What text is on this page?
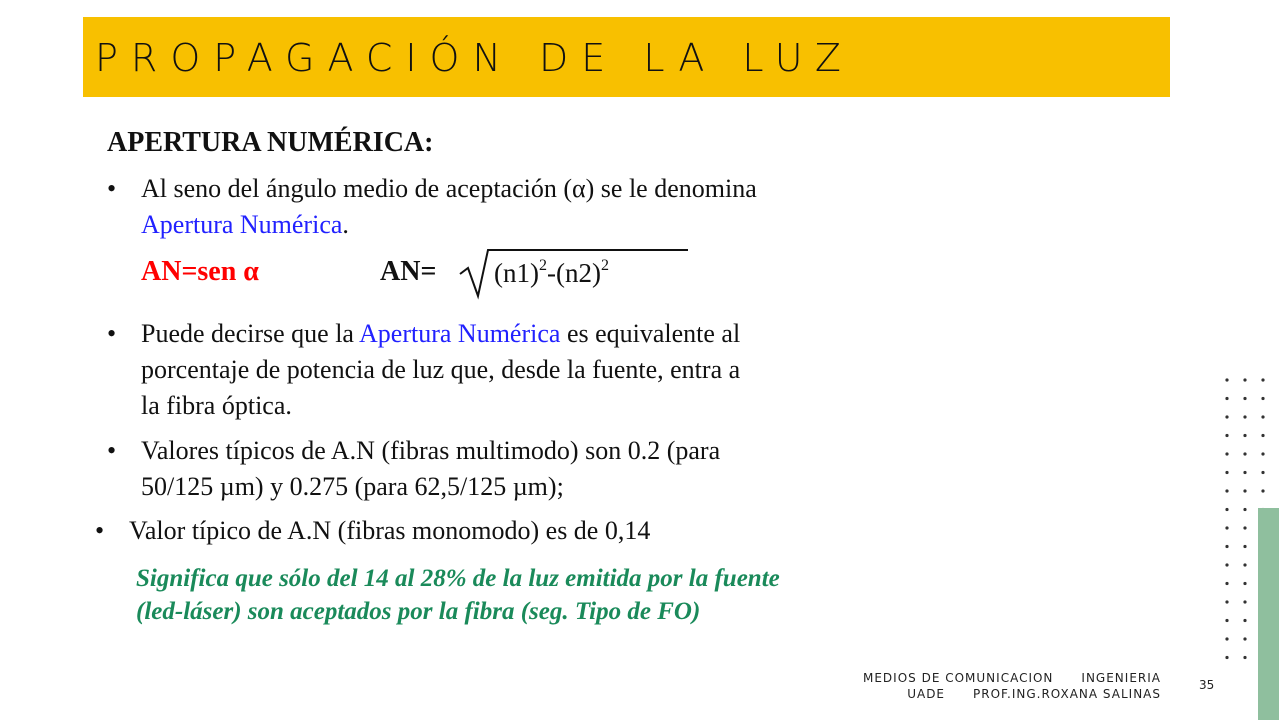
PROPAGACIÓN DE LA LUZ
APERTURA NUMÉRICA:
• Al seno del ángulo medio de aceptación (α) se le denomina
Apertura Numérica.
AN=sen α	$AN= (n1)^2-(n2)^2$
• Puede decirse que la Apertura Numérica es equivalente al
porcentaje de potencia de luz que, desde la fuente, entra a
la fibra óptica.
• Valores típicos de A.N (fibras multimodo) son 0.2 (para
50/125 µm) y 0.275 (para 62,5/125 µm);
• Valor típico de A.N (fibras monomodo) es de 0,14
Significa que sólo del 14 al 28% de la luz emitida por la fuente
(led-láser) son aceptados por la fibra (seg. Tipo de FO)
MEDIOS DE COMUNICACION INGENIERIA
UADE PROF.ING.ROXANA SALINAS
35
